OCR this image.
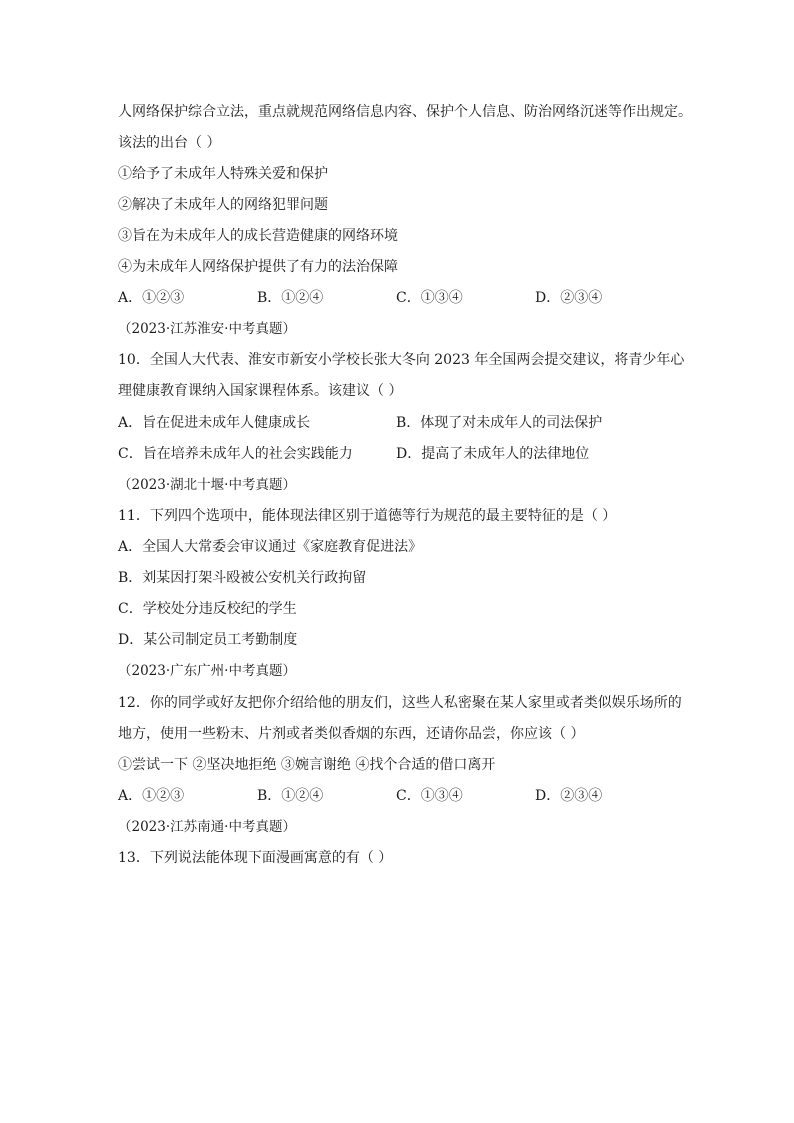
人网络保护综合立法，重点就规范网络信息内容、保护个人信息、防治网络沉迷等作出规定。
该法的出台（ ）
①给予了未成年人特殊关爱和保护
②解决了未成年人的网络犯罪问题
③旨在为未成年人的成长营造健康的网络环境
④为未成年人网络保护提供了有力的法治保障
A．①②③	B．①②④	C．①③④	D．②③④
（2023·江苏淮安·中考真题）
10．全国人大代表、淮安市新安小学校长张大冬向 2023 年全国两会提交建议，将青少年心
理健康教育课纳入国家课程体系。该建议（ ）
A．旨在促进未成年人健康成长	B．体现了对未成年人的司法保护
C．旨在培养未成年人的社会实践能力	D．提高了未成年人的法律地位
（2023·湖北十堰·中考真题）
11．下列四个选项中，能体现法律区别于道德等行为规范的最主要特征的是（ ）
A．全国人大常委会审议通过《家庭教育促进法》
B．刘某因打架斗殴被公安机关行政拘留
C．学校处分违反校纪的学生
D．某公司制定员工考勤制度
（2023·广东广州·中考真题）
12．你的同学或好友把你介绍给他的朋友们，这些人私密聚在某人家里或者类似娱乐场所的
地方，使用一些粉末、片剂或者类似香烟的东西，还请你品尝，你应该（ ）
①尝试一下 ②坚决地拒绝 ③婉言谢绝 ④找个合适的借口离开
A．①②③	B．①②④	C．①③④	D．②③④
（2023·江苏南通·中考真题）
13．下列说法能体现下面漫画寓意的有（ ）
